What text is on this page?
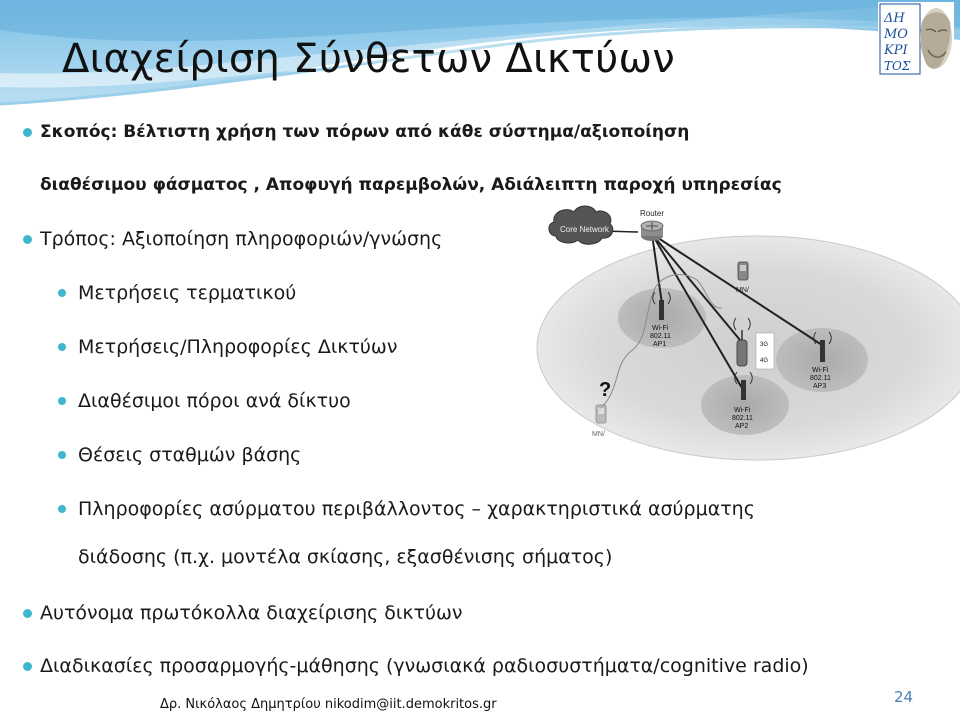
Διαχείριση Σύνθετων Δικτύων
ΔΗ
ΜΟ
ΚΡΙ
ΤΟΣ
Σκοπός: Βέλτιστη χρήση των πόρων από κάθε σύστημα/αξιοποίηση
διαθέσιμου φάσματος , Αποφυγή παρεμβολών, Αδιάλειπτη παροχή υπηρεσίας
Τρόπος: Αξιοποίηση πληροφοριών/γνώσης
Μετρήσεις τερματικού
Μετρήσεις/Πληροφορίες Δικτύων
Διαθέσιμοι πόροι ανά δίκτυο
Θέσεις σταθμών βάσης
Πληροφορίες ασύρματου περιβάλλοντος – χαρακτηριστικά ασύρματης
διάδοσης (π.χ. μοντέλα σκίασης, εξασθένισης σήματος)
Αυτόνομα πρωτόκολλα διαχείρισης δικτύων
Διαδικασίες προσαρμογής-μάθησης (γνωσιακά ραδιοσυστήματα/cognitive radio)
Core Network
Router
MN/
MN/
?
Wi-Fi
802.11
AP1
Wi-Fi
802.11
AP2
Wi-Fi
802.11
AP3
3G
4G
Δρ. Νικόλαος Δημητρίου nikodim@iit.demokritos.gr	24
